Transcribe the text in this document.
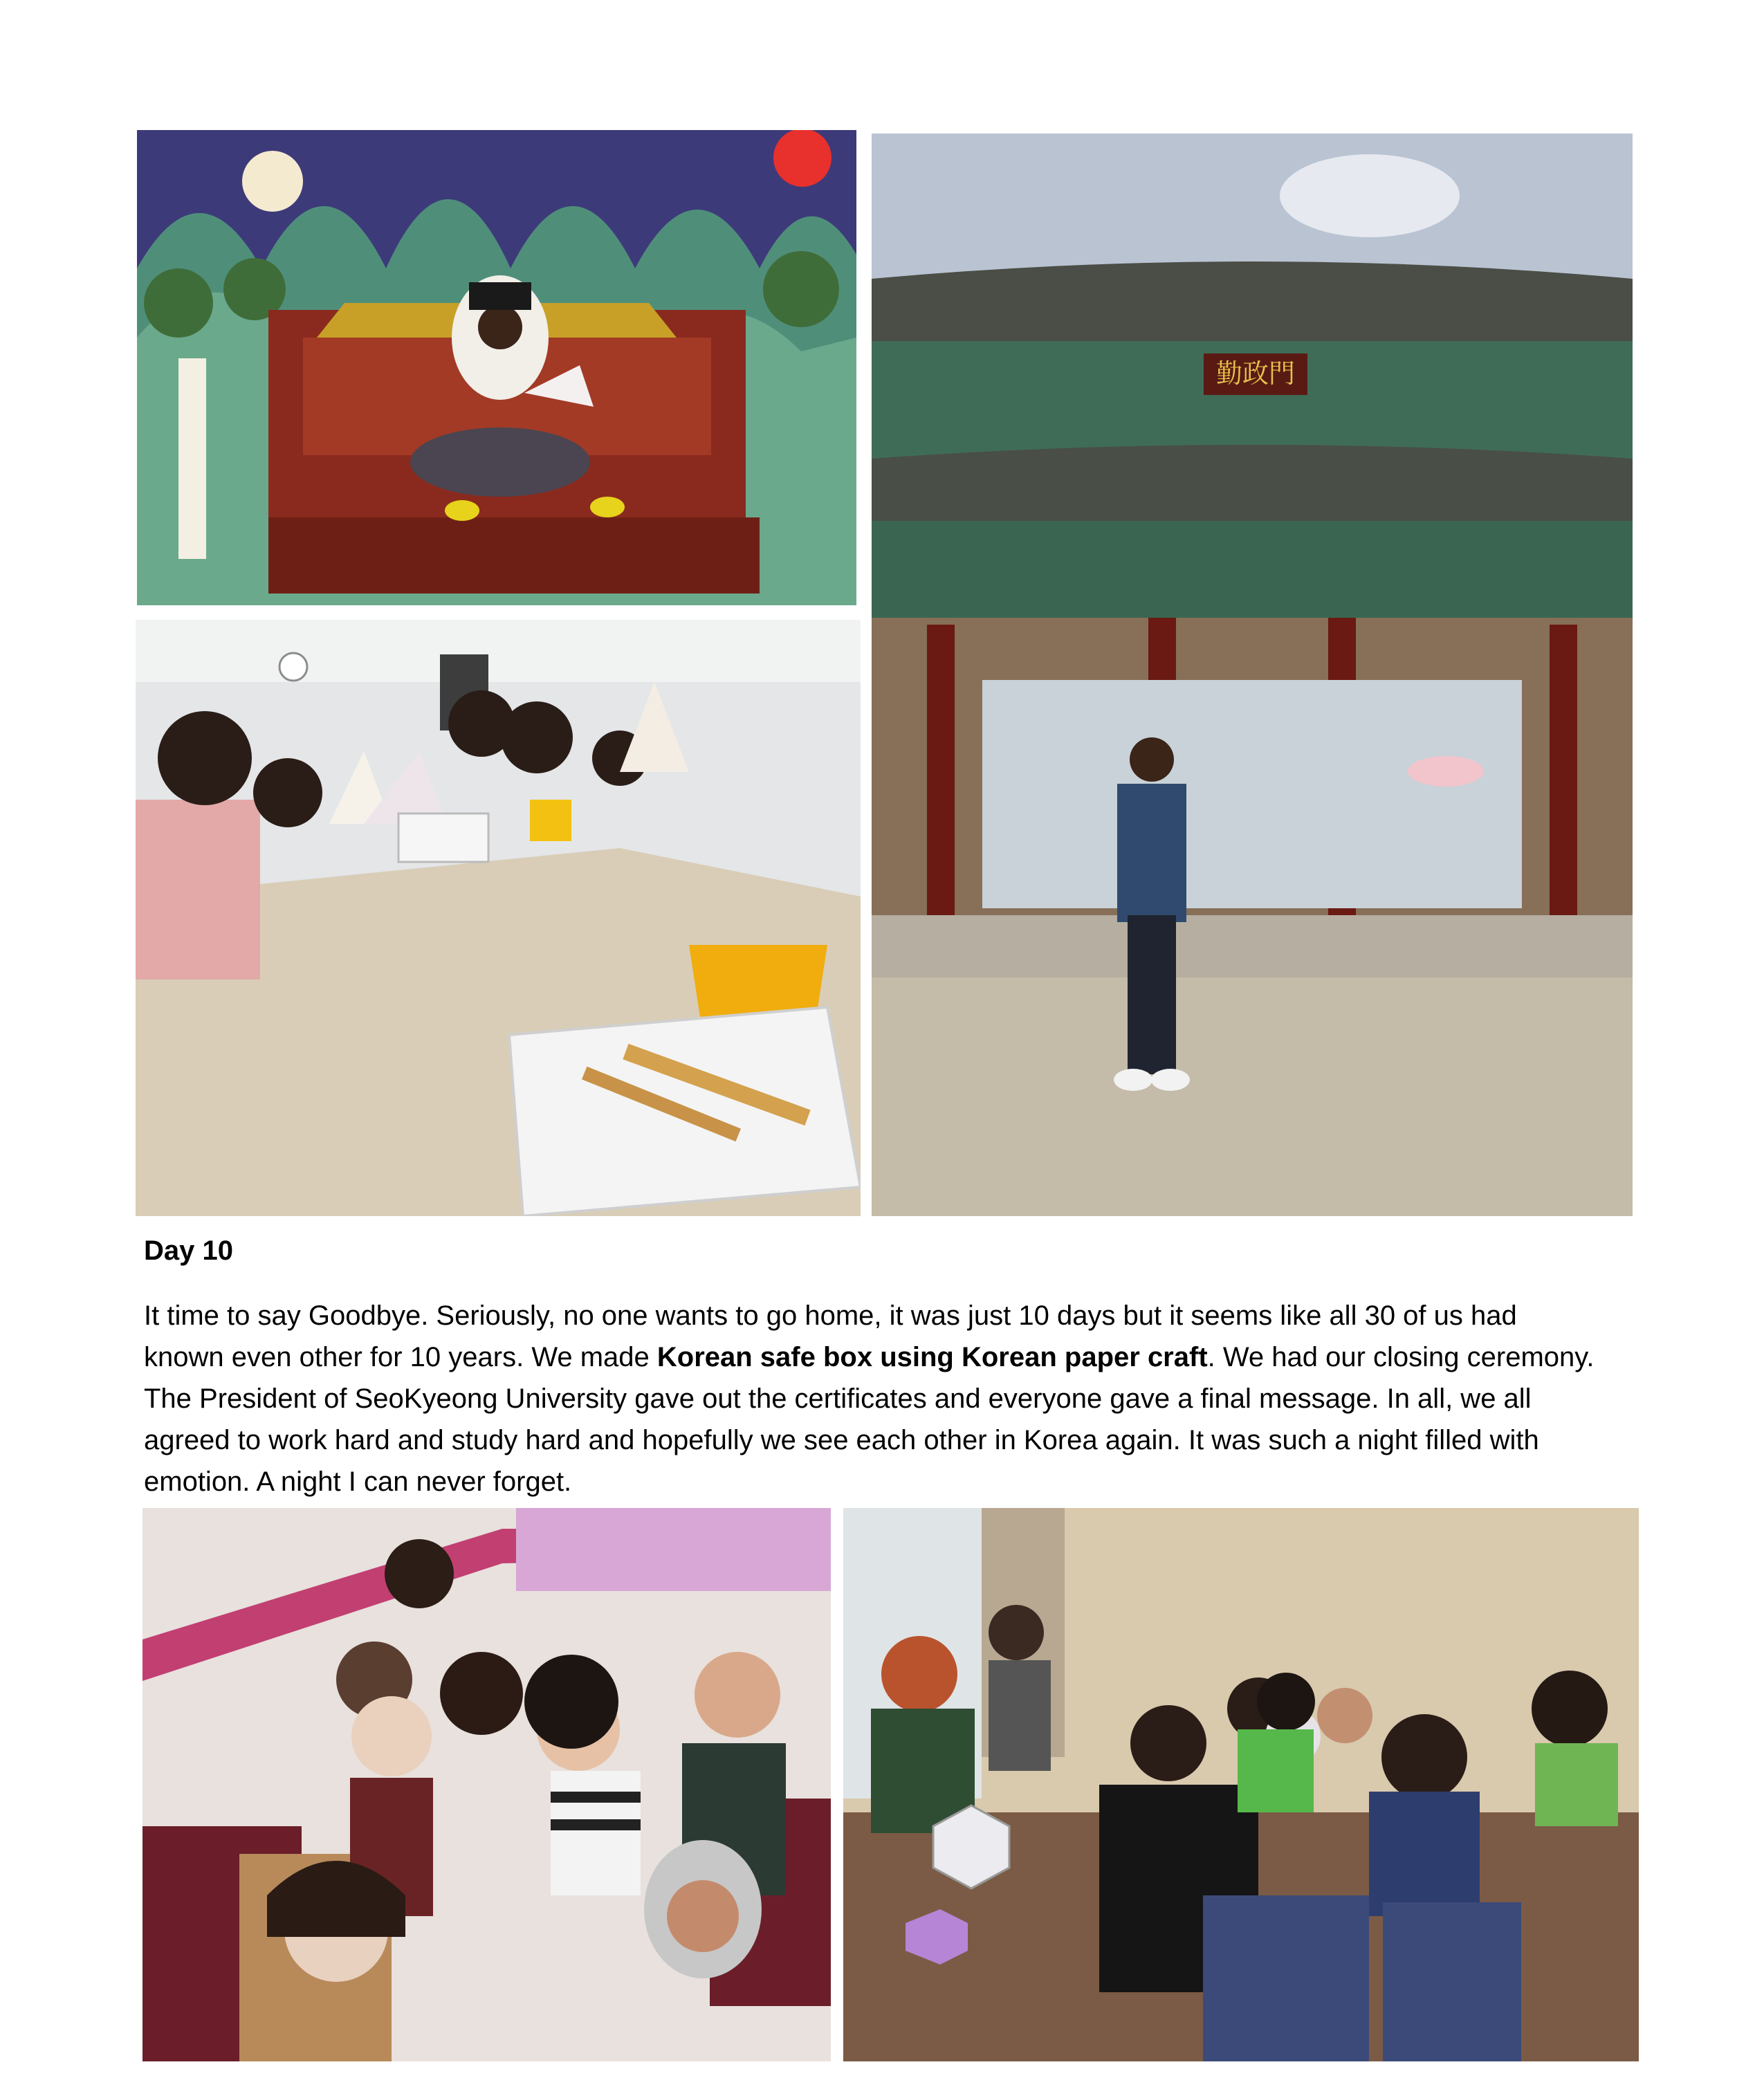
勤政門
Day 10

It time to say Goodbye. Seriously, no one wants to go home, it was just 10 days but it seems like all 30 of us had
known even other for 10 years. We made Korean safe box using Korean paper craft. We had our closing ceremony.
The President of SeoKyeong University gave out the certificates and everyone gave a final message. In all, we all
agreed to work hard and study hard and hopefully we see each other in Korea again. It was such a night filled with
emotion. A night I can never forget.
